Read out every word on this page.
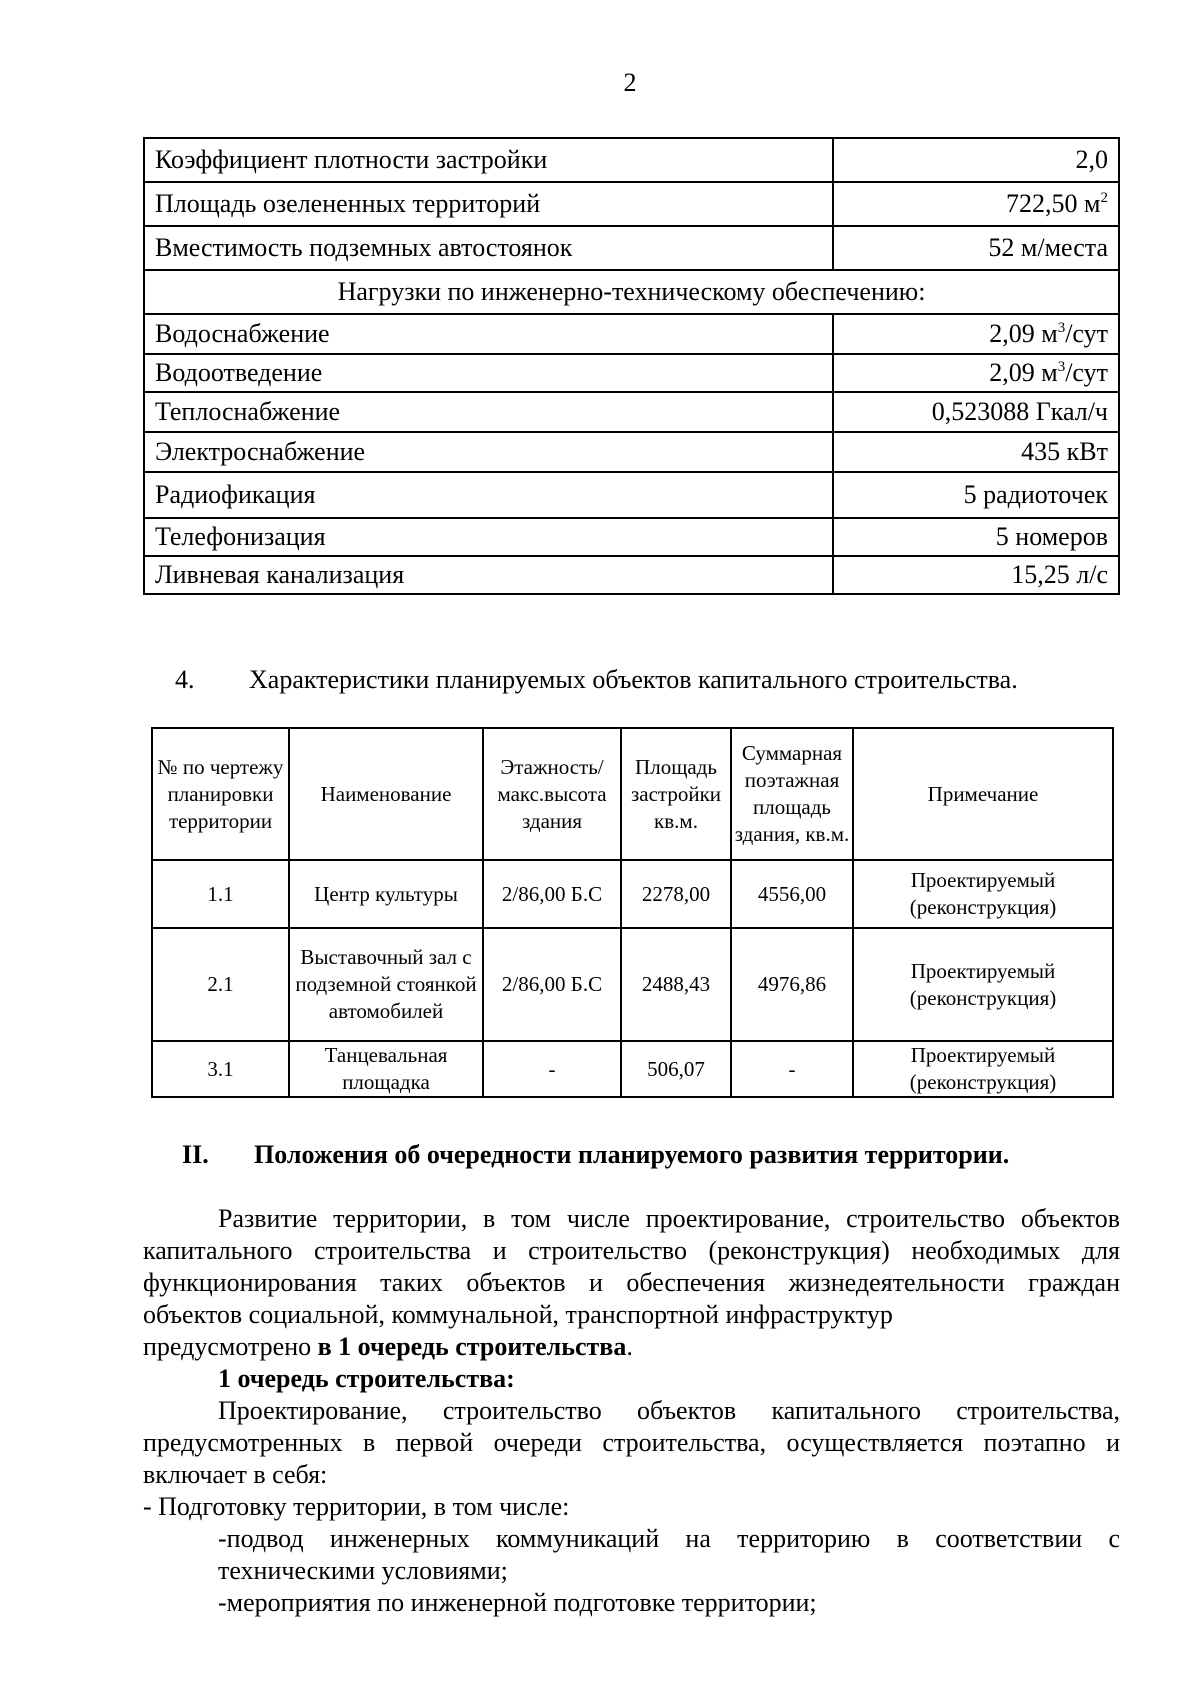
2
Коэффициент плотности застройки	2,0
Площадь озелененных территорий	722,50 $м^2$
Вместимость подземных автостоянок	52 м/места
Нагрузки по инженерно-техническому обеспечению:	
Водоснабжение	2,09 $м^3$/сут
Водоотведение	2,09 $м^3$/сут
Теплоснабжение	0,523088 Гкал/ч
Электроснабжение	435 кВт
Радиофикация	5 радиоточек
Телефонизация	5 номеров
Ливневая канализация	15,25 л/с
4. Характеристики планируемых объектов капитального строительства.
№ по чертежу планировки территории	Наименование	Этажность/ макс.высота здания	Площадь застройки кв.м.	Суммарная поэтажная площадь здания, кв.м.	Примечание
1.1	Центр культуры	2/86,00 Б.С	2278,00	4556,00	Проектируемый (реконструкция)
2.1	Выставочный зал с подземной стоянкой автомобилей	2/86,00 Б.С	2488,43	4976,86	Проектируемый (реконструкция)
3.1	Танцевальная площадка	-	506,07	-	Проектируемый (реконструкция)
II. Положения об очередности планируемого развития территории.

Развитие территории, в том числе проектирование, строительство объектов капитального строительства и строительство (реконструкция) необходимых для функционирования таких объектов и обеспечения жизнедеятельности граждан объектов социальной, коммунальной, транспортной инфраструктур

предусмотрено в 1 очередь строительства.

1 очередь строительства:

Проектирование, строительство объектов капитального строительства, предусмотренных в первой очереди строительства, осуществляется поэтапно и включает в себя:

- Подготовку территории, в том числе:

-подвод инженерных коммуникаций на территорию в соответствии с техническими условиями;

-мероприятия по инженерной подготовке территории;
